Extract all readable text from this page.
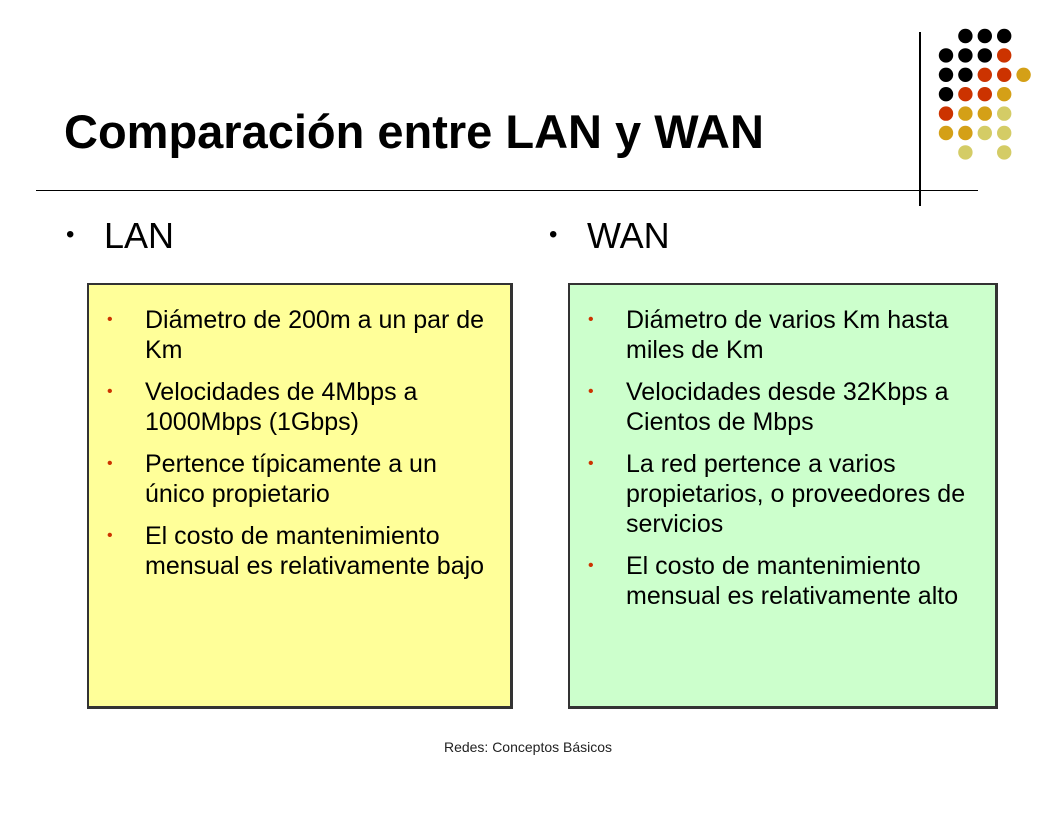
Comparación entre LAN y WAN
• LAN	• WAN
• Diámetro de 200m a un par de Km
• Velocidades de 4Mbps a 1000Mbps (1Gbps)
• Pertence típicamente a un único propietario
• El costo de mantenimiento mensual es relativamente bajo
• Diámetro de varios Km hasta miles de Km
• Velocidades desde 32Kbps a Cientos de Mbps
• La red pertence a varios propietarios, o proveedores de servicios
• El costo de mantenimiento mensual es relativamente alto
Redes: Conceptos Básicos
